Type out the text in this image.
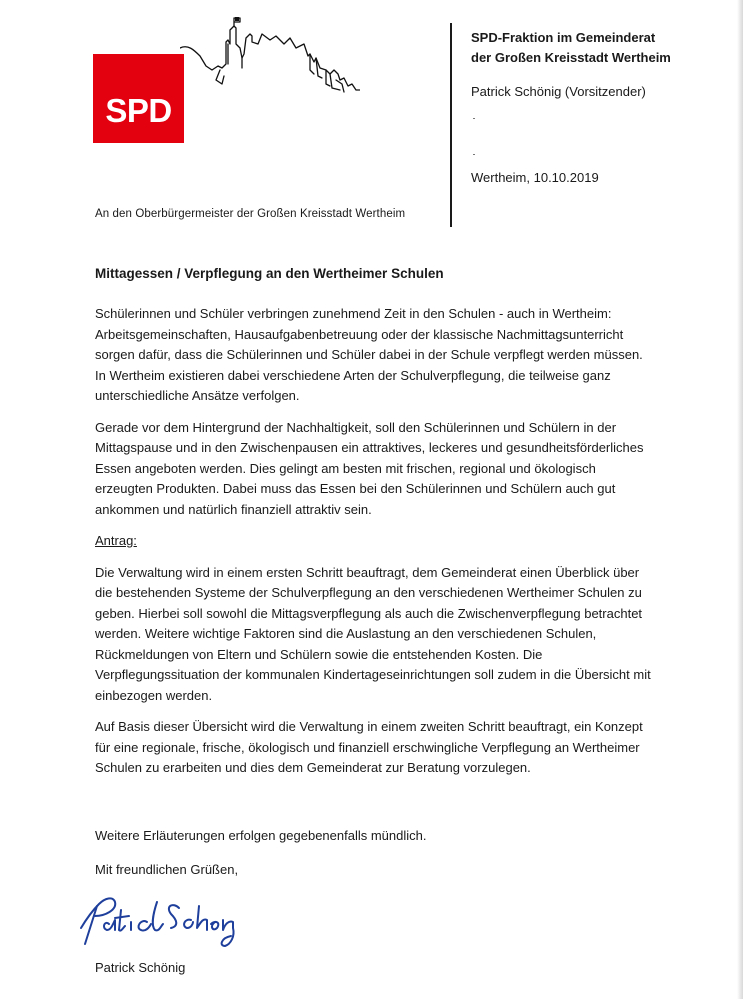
SPD
SPD-Fraktion im Gemeinderat
der Großen Kreisstadt Wertheim
Patrick Schönig (Vorsitzender)
Wertheim, 10.10.2019
An den Oberbürgermeister der Großen Kreisstadt Wertheim
Mittagessen / Verpflegung an den Wertheimer Schulen

Schülerinnen und Schüler verbringen zunehmend Zeit in den Schulen - auch in Wertheim: Arbeitsgemeinschaften, Hausaufgabenbetreuung oder der klassische Nachmittagsunterricht sorgen dafür, dass die Schülerinnen und Schüler dabei in der Schule verpflegt werden müssen. In Wertheim existieren dabei verschiedene Arten der Schulverpflegung, die teilweise ganz unterschiedliche Ansätze verfolgen.

Gerade vor dem Hintergrund der Nachhaltigkeit, soll den Schülerinnen und Schülern in der Mittagspause und in den Zwischenpausen ein attraktives, leckeres und gesundheitsförderliches Essen angeboten werden. Dies gelingt am besten mit frischen, regional und ökologisch erzeugten Produkten. Dabei muss das Essen bei den Schülerinnen und Schülern auch gut ankommen und natürlich finanziell attraktiv sein.

Antrag:

Die Verwaltung wird in einem ersten Schritt beauftragt, dem Gemeinderat einen Überblick über die bestehenden Systeme der Schulverpflegung an den verschiedenen Wertheimer Schulen zu geben. Hierbei soll sowohl die Mittagsverpflegung als auch die Zwischenverpflegung betrachtet werden. Weitere wichtige Faktoren sind die Auslastung an den verschiedenen Schulen, Rückmeldungen von Eltern und Schülern sowie die entstehenden Kosten. Die Verpflegungssituation der kommunalen Kindertageseinrichtungen soll zudem in die Übersicht mit einbezogen werden.

Auf Basis dieser Übersicht wird die Verwaltung in einem zweiten Schritt beauftragt, ein Konzept für eine regionale, frische, ökologisch und finanziell erschwingliche Verpflegung an Wertheimer Schulen zu erarbeiten und dies dem Gemeinderat zur Beratung vorzulegen.

Weitere Erläuterungen erfolgen gegebenenfalls mündlich.
Mit freundlichen Grüßen,
Patrick Schönig
